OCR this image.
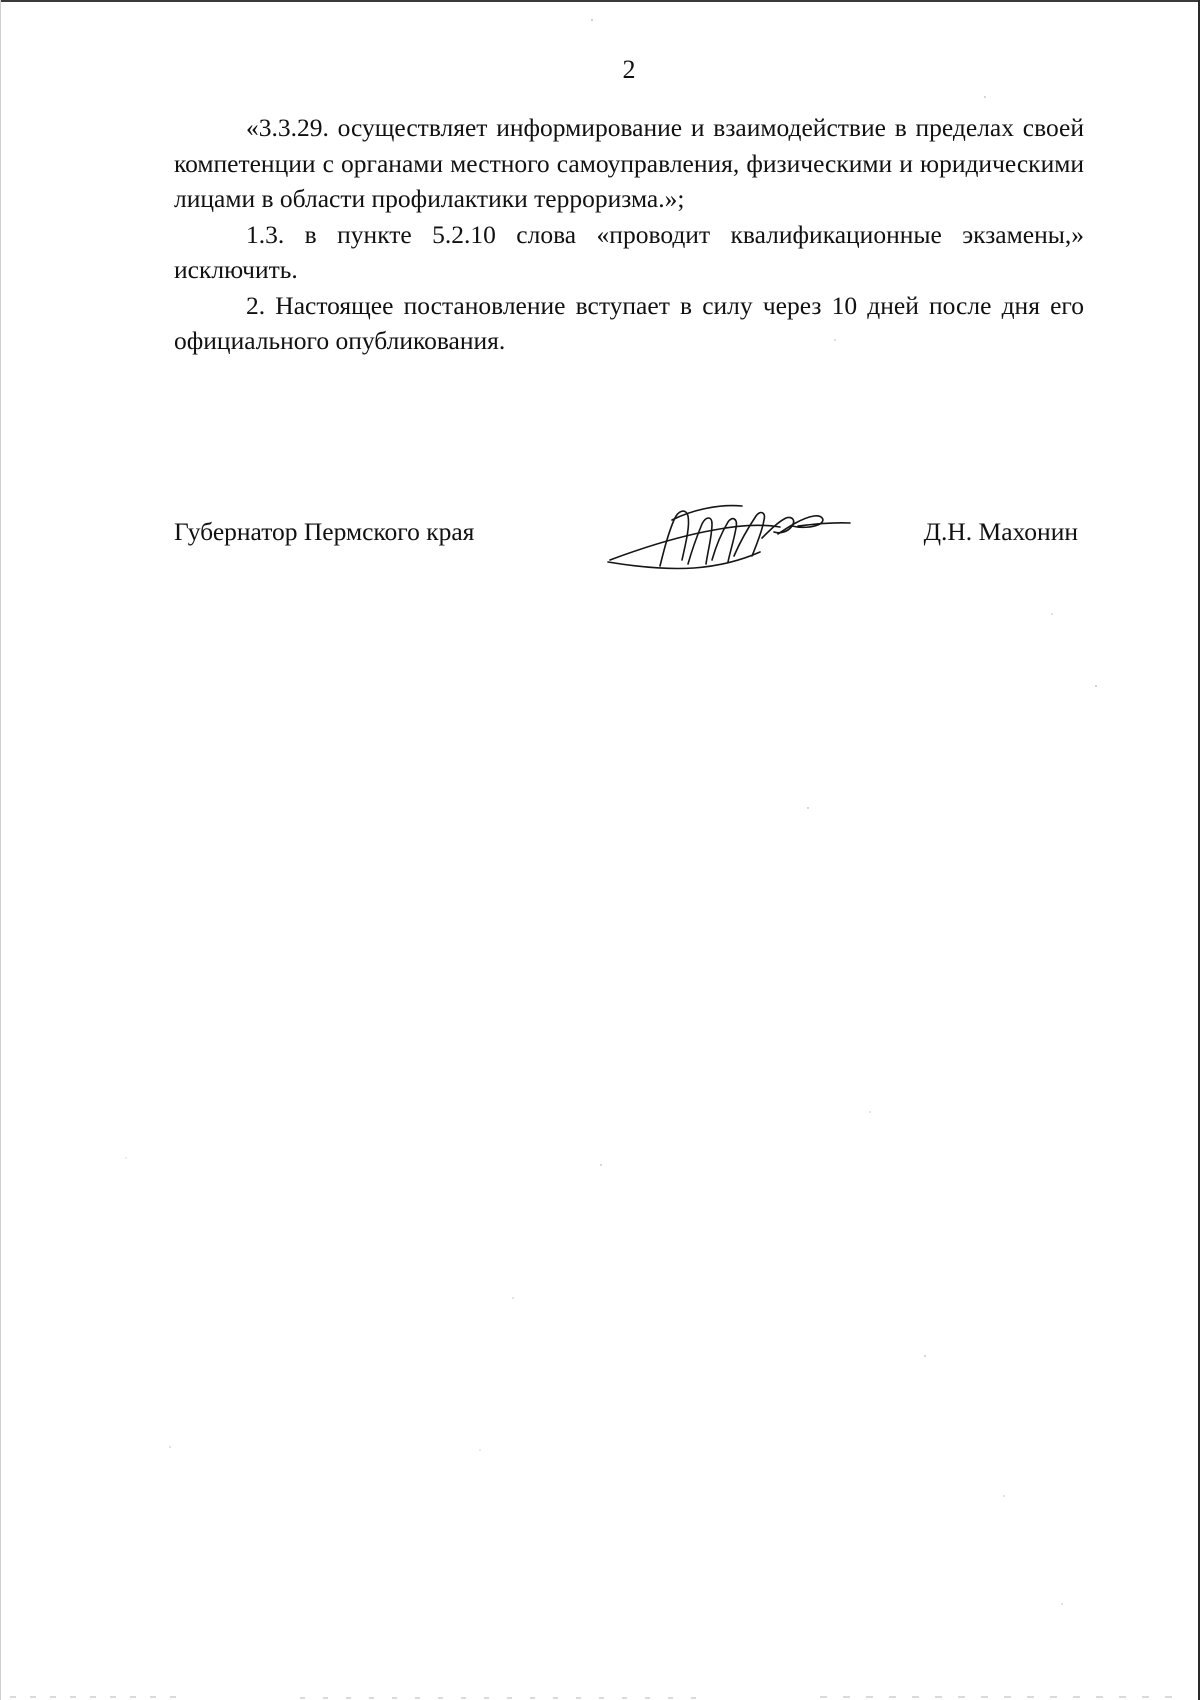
2

«3.3.29. осуществляет информирование и взаимодействие в пределах своей компетенции с органами местного самоуправления, физическими и юридическими лицами в области профилактики терроризма.»;

1.3. в пункте 5.2.10 слова «проводит квалификационные экзамены,» исключить.

2. Настоящее постановление вступает в силу через 10 дней после дня его официального опубликования.

Губернатор Пермского края	Д.Н. Махонин
